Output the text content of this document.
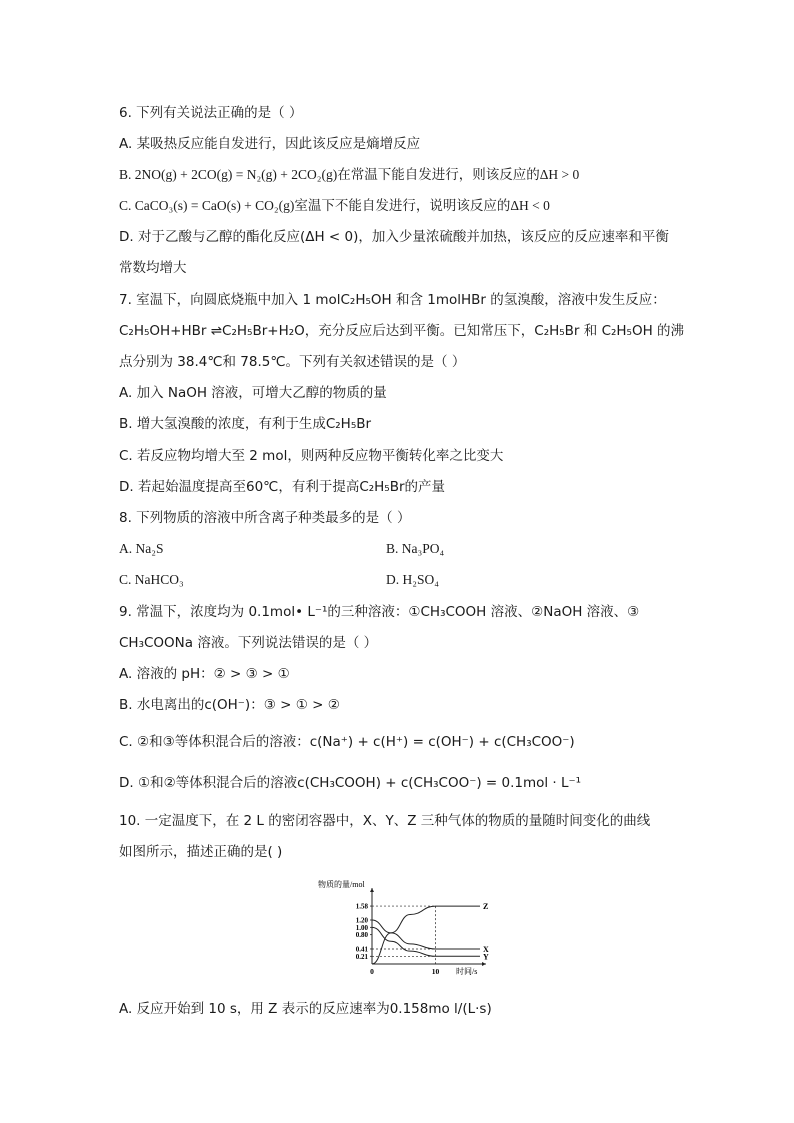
6. 下列有关说法正确的是（ ）
A. 某吸热反应能自发进行，因此该反应是熵增反应
B. 2NO(g) + 2CO(g) = N₂(g) + 2CO₂(g)在常温下能自发进行，则该反应的ΔH > 0
C. CaCO₃(s) = CaO(s) + CO₂(g)室温下不能自发进行，说明该反应的ΔH < 0
D. 对于乙酸与乙醇的酯化反应(ΔH < 0)，加入少量浓硫酸并加热，该反应的反应速率和平衡
常数均增大
7. 室温下，向圆底烧瓶中加入 1 molC₂H₅OH 和含 1molHBr 的氢溴酸，溶液中发生反应：
C₂H₅OH+HBr ⇌C₂H₅Br+H₂O，充分反应后达到平衡。已知常压下，C₂H₅Br 和 C₂H₅OH 的沸
点分别为 38.4℃和 78.5℃。下列有关叙述错误的是（ ）
A. 加入 NaOH 溶液，可增大乙醇的物质的量
B. 增大氢溴酸的浓度，有利于生成C₂H₅Br
C. 若反应物均增大至 2 mol，则两种反应物平衡转化率之比变大
D. 若起始温度提高至60℃，有利于提高C₂H₅Br的产量
8. 下列物质的溶液中所含离子种类最多的是（ ）
A. Na₂S	B. Na₃PO₄
C. NaHCO₃	D. H₂SO₄
9. 常温下，浓度均为 0.1mol• L⁻¹的三种溶液：①CH₃COOH 溶液、②NaOH 溶液、③
CH₃COONa 溶液。下列说法错误的是（ ）
A. 溶液的 pH：② > ③ > ①
B. 水电离出的c(OH⁻)：③ > ① > ②
C. ②和③等体积混合后的溶液：c(Na⁺) + c(H⁺) = c(OH⁻) + c(CH₃COO⁻)
D. ①和②等体积混合后的溶液c(CH₃COOH) + c(CH₃COO⁻) = 0.1mol · L⁻¹
10. 一定温度下，在 2 L 的密闭容器中，X、Y、Z 三种气体的物质的量随时间变化的曲线
如图所示，描述正确的是( )
物质的量/mol
时间/s
0.21
0.41
0.80
1.00
1.20
1.58
0	10
Z
X
Y
A. 反应开始到 10 s，用 Z 表示的反应速率为0.158mo l/(L·s)
